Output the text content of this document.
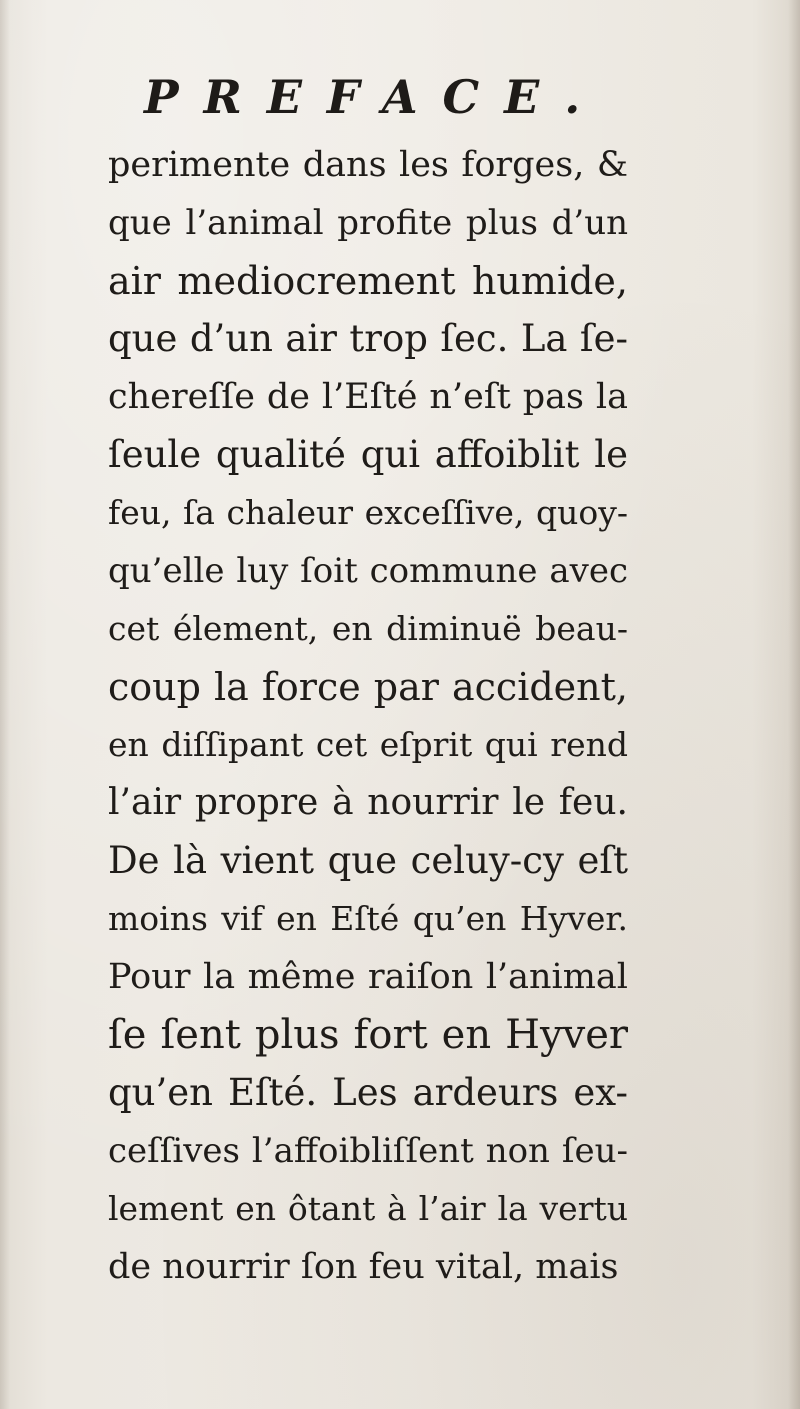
PREFACE.
perimente dans les forges, &
que l’animal profite plus d’un
air mediocrement humide,
que d’un air trop ſec. La ſe-
chereſſe de l’Eſté n’eſt pas la
ſeule qualité qui affoiblit le
feu, ſa chaleur exceſſive, quoy-
qu’elle luy ſoit commune avec
cet élement, en diminuë beau-
coup la force par accident,
en diſſipant cet eſprit qui rend
l’air propre à nourrir le feu.
De là vient que celuy-cy eſt
moins vif en Eſté qu’en Hyver.
Pour la même raiſon l’animal
ſe ſent plus fort en Hyver
qu’en Eſté. Les ardeurs ex-
ceſſives l’affoibliſſent non ſeu-
lement en ôtant à l’air la vertu
de nourrir ſon feu vital, mais
